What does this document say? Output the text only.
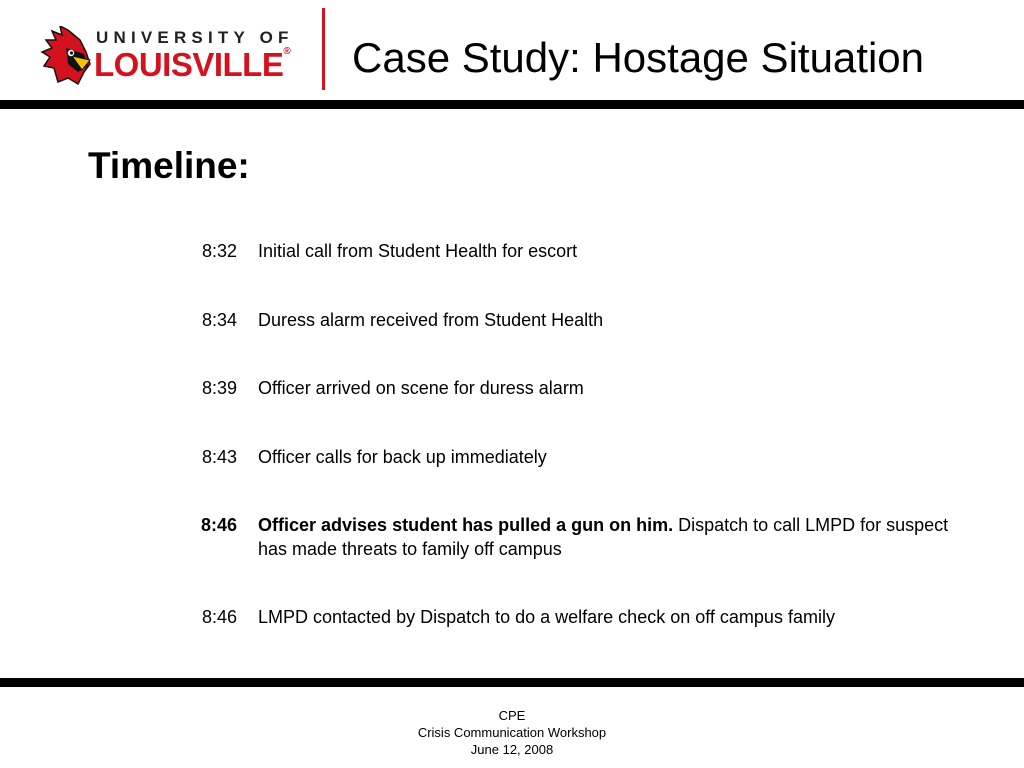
UNIVERSITY OF
LOUISVILLE® Case Study: Hostage Situation
Timeline:
8:32 Initial call from Student Health for escort
8:34 Duress alarm received from Student Health
8:39 Officer arrived on scene for duress alarm
8:43 Officer calls for back up immediately
8:46 Officer advises student has pulled a gun on him. Dispatch to call LMPD for suspect has made threats to family off campus
8:46 LMPD contacted by Dispatch to do a welfare check on off campus family
CPE
Crisis Communication Workshop
June 12, 2008
